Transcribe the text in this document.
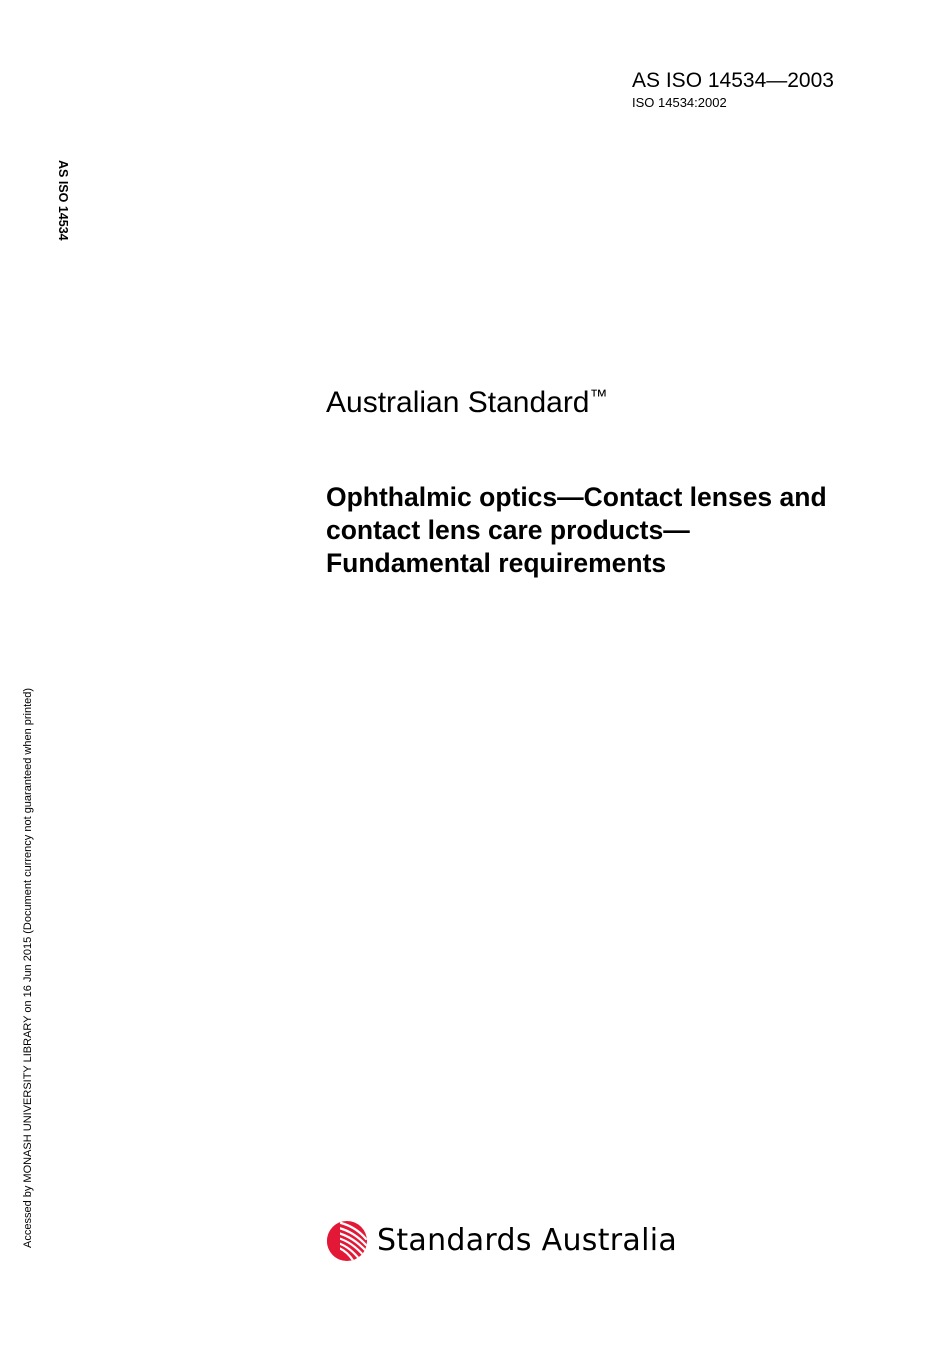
AS ISO 14534—2003
ISO 14534:2002
AS ISO 14534
Accessed by MONASH UNIVERSITY LIBRARY on 16 Jun 2015 (Document currency not guaranteed when printed)
Australian Standard™
Ophthalmic optics—Contact lenses and
contact lens care products—
Fundamental requirements
Standards Australia
